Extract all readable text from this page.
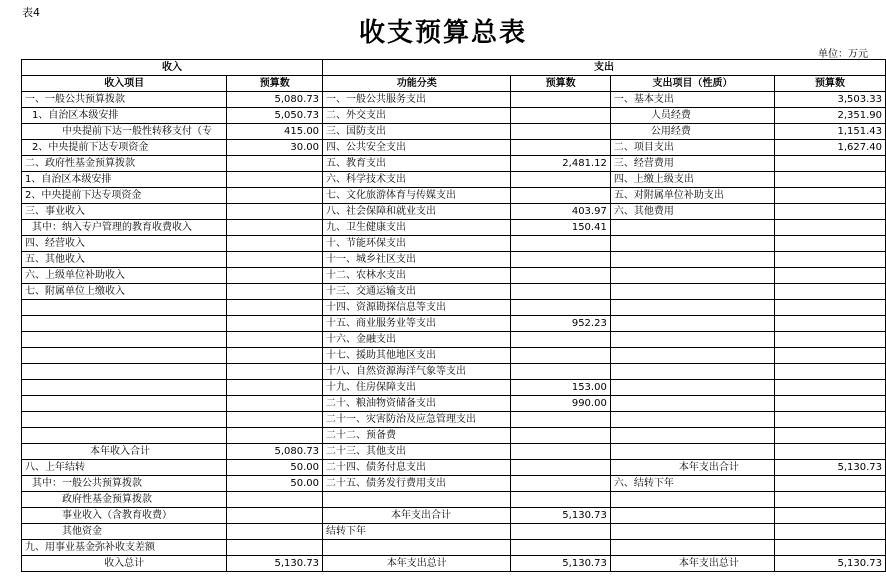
表4
收支预算总表
单位：万元
收入		支出			
收入项目	预算数	功能分类	预算数	支出项目（性质）	预算数
一、一般公共预算拨款	5,080.73	一、一般公共服务支出		一、基本支出	3,503.33
1、自治区本级安排	5,050.73	二、外交支出		人员经费	2,351.90
中央提前下达一般性转移支付（专	415.00	三、国防支出		公用经费	1,151.43
2、中央提前下达专项资金	30.00	四、公共安全支出		二、项目支出	1,627.40
二、政府性基金预算拨款		五、教育支出	2,481.12	三、经营费用	
1、自治区本级安排		六、科学技术支出		四、上缴上级支出	
2、中央提前下达专项资金		七、文化旅游体育与传媒支出		五、对附属单位补助支出	
三、事业收入		八、社会保障和就业支出	403.97	六、其他费用	
其中：纳入专户管理的教育收费收入		九、卫生健康支出	150.41		
四、经营收入		十、节能环保支出			
五、其他收入		十一、城乡社区支出			
六、上级单位补助收入		十二、农林水支出			
七、附属单位上缴收入		十三、交通运输支出			
		十四、资源勘探信息等支出			
		十五、商业服务业等支出	952.23		
		十六、金融支出			
		十七、援助其他地区支出			
		十八、自然资源海洋气象等支出			
		十九、住房保障支出	153.00		
		二十、粮油物资储备支出	990.00		
		二十一、灾害防治及应急管理支出			
		二十二、预备费			
本年收入合计	5,080.73	二十三、其他支出			
八、上年结转	50.00	二十四、债务付息支出		本年支出合计	5,130.73
其中：一般公共预算拨款	50.00	二十五、债务发行费用支出		六、结转下年	
政府性基金预算拨款					
事业收入（含教育收费）		本年支出合计	5,130.73		
其他资金		结转下年			
九、用事业基金弥补收支差额					
收入总计	5,130.73	本年支出总计	5,130.73	本年支出总计	5,130.73
